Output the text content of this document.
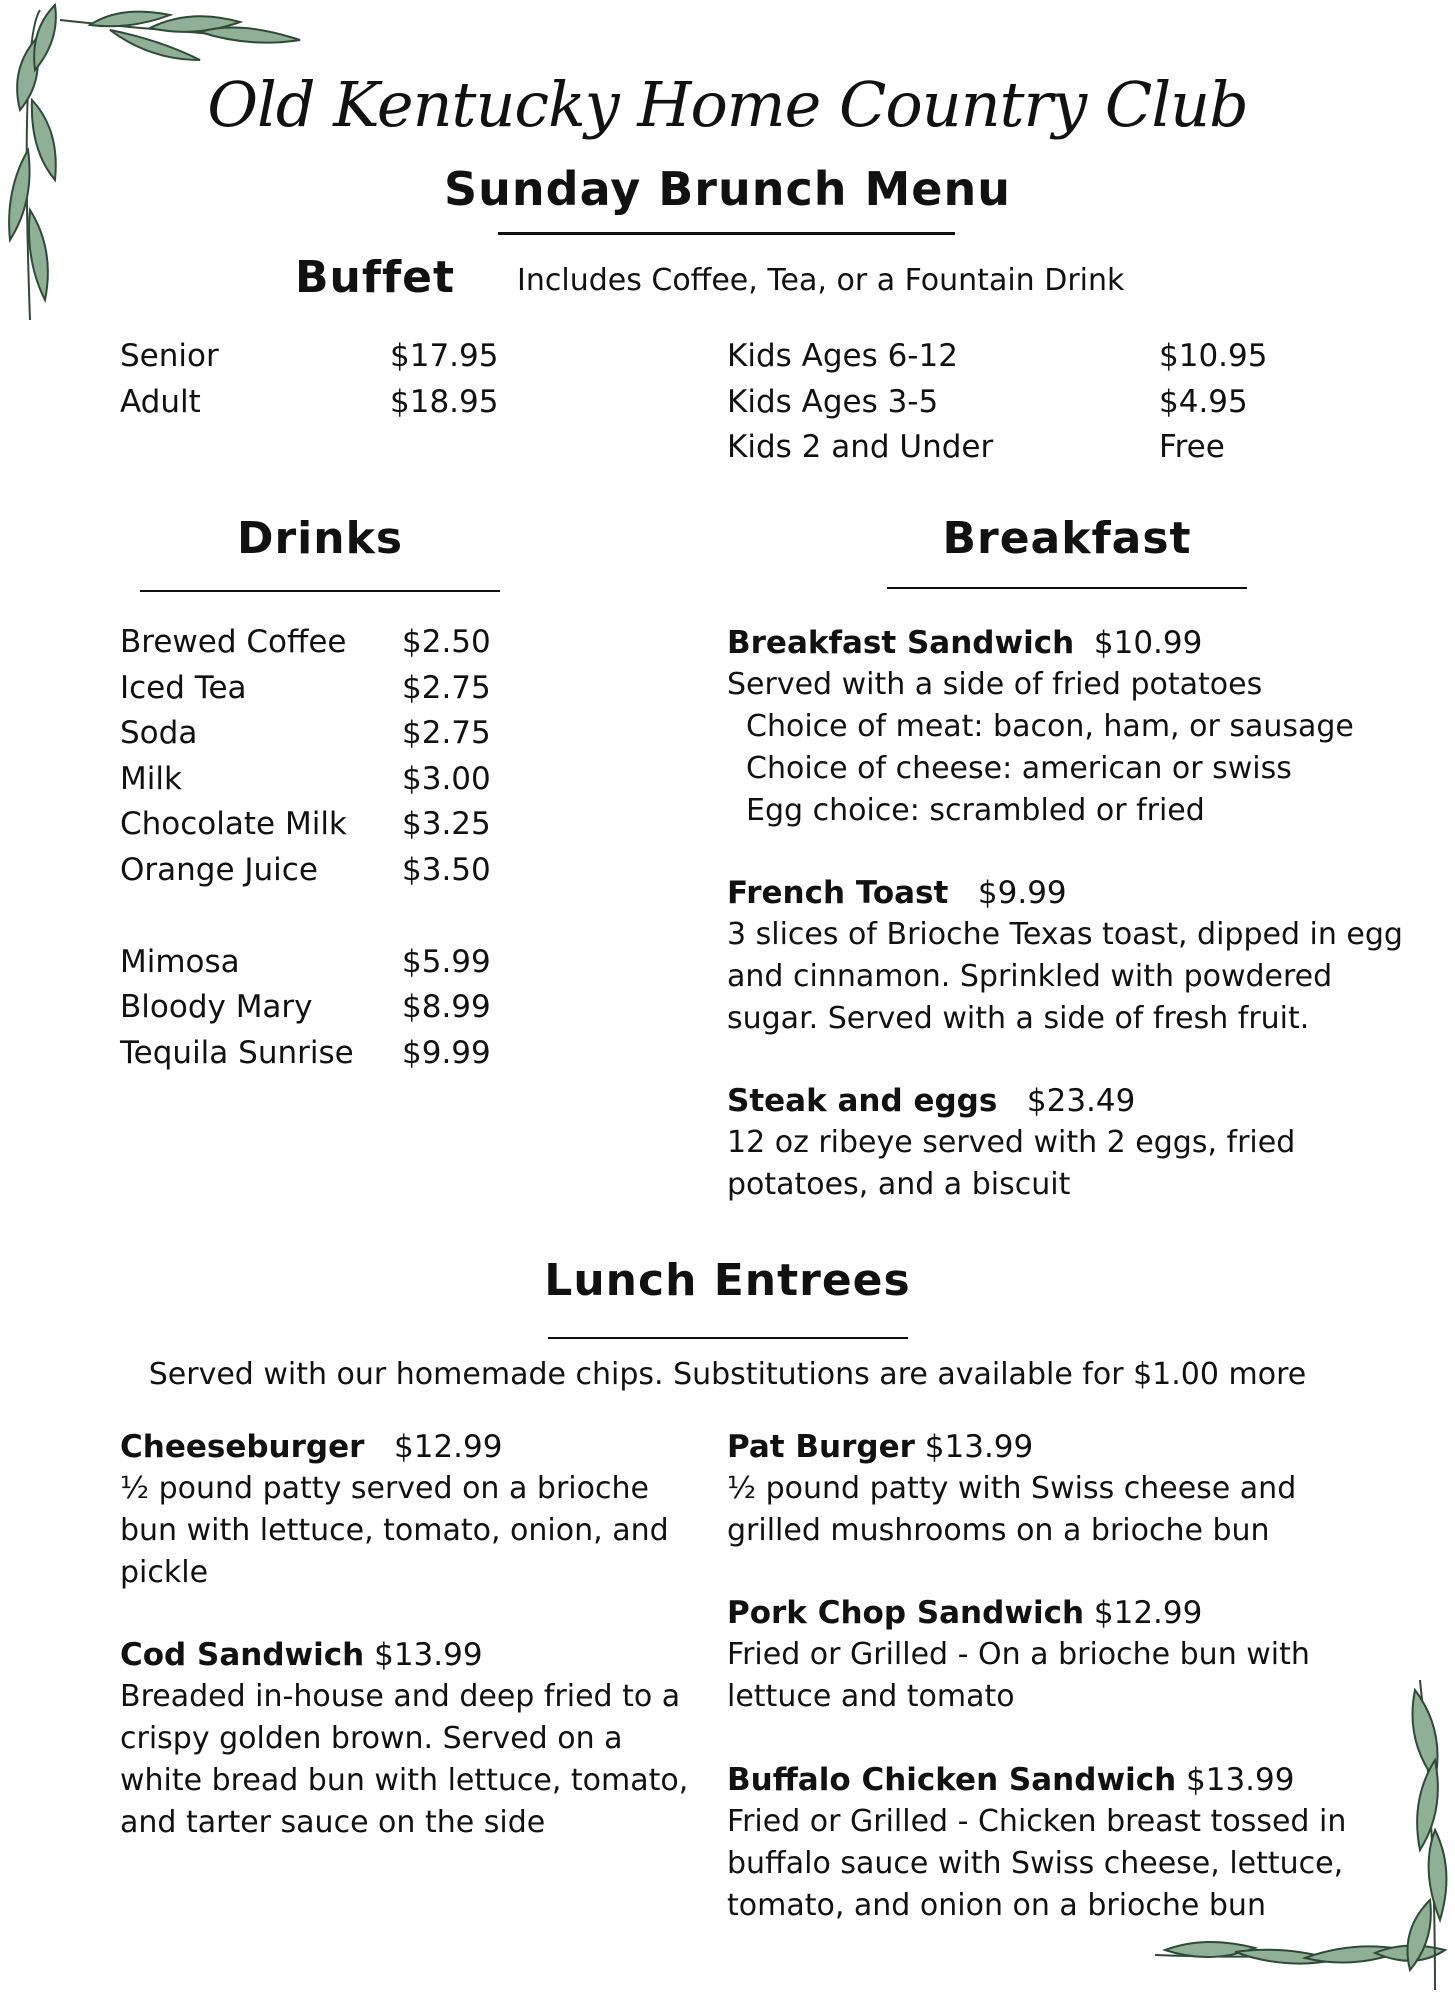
Old Kentucky Home Country Club
Sunday Brunch Menu
Buffet	Includes Coffee, Tea, or a Fountain Drink
Senior	$17.95
Adult	$18.95
Kids Ages 6-12	$10.95
Kids Ages 3-5	$4.95
Kids 2 and Under	Free
Drinks
Brewed Coffee $2.50
Iced Tea	$2.75
Soda	$2.75
Milk	$3.00
Chocolate Milk $3.25
Orange Juice	$3.50
Mimosa	$5.99
Bloody Mary	$8.99
Tequila Sunrise $9.99
Breakfast
Breakfast Sandwich $10.99
Served with a side of fried potatoes
Choice of meat: bacon, ham, or sausage
Choice of cheese: american or swiss
Egg choice: scrambled or fried
French Toast $9.99
3 slices of Brioche Texas toast, dipped in egg and cinnamon. Sprinkled with powdered sugar. Served with a side of fresh fruit.
Steak and eggs $23.49
12 oz ribeye served with 2 eggs, fried potatoes, and a biscuit
Lunch Entrees
Served with our homemade chips. Substitutions are available for $1.00 more
Cheeseburger $12.99
½ pound patty served on a brioche bun with lettuce, tomato, onion, and pickle
Cod Sandwich $13.99
Breaded in-house and deep fried to a crispy golden brown. Served on a white bread bun with lettuce, tomato, and tarter sauce on the side
Pat Burger $13.99
½ pound patty with Swiss cheese and grilled mushrooms on a brioche bun
Pork Chop Sandwich $12.99
Fried or Grilled - On a brioche bun with lettuce and tomato
Buffalo Chicken Sandwich $13.99
Fried or Grilled - Chicken breast tossed in buffalo sauce with Swiss cheese, lettuce, tomato, and onion on a brioche bun
